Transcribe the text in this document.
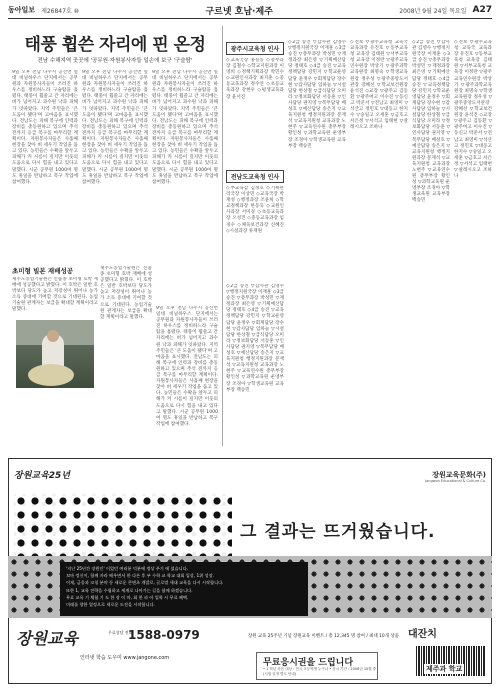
동아일보 제26847호 ⑩	구르넷 호남·제주	2008년 9월 24일 목요일 A27
태풍 휩쓴 자리에 핀 온정
전남 수해지역 곳곳에 '공무원·자원봉사자들 일손에 보구 '구슬땀'
9일 오후 전남 나주시 공산면 일대 비닐하우스 단지에서는 공무원과 자원봉사자들이 쓰러진 하우스를 정비하느라 구슬땀을 흘렸다. 태풍이 휩쓸고 간 자리에는 벼가 넘어지고 과수원 낙과 피해가 잇따랐다. 지역 주민들은 '큰 도움이 됐다'며 고마움을 표시했다. 전남도는 피해 복구에 인력과 장비를 총동원하고 있으며 추석 전까지 응급 복구를 마무리할 계획이다. 자원봉사자들은 사흘째 현장을 찾아 벼 세우기 작업을 돕고 있다. 농민들은 수확을 앞두고 피해가 커 시름이 깊지만 이웃의 도움으로 다시 힘을 내고 있다고 말했다. 시군 공무원 1000여 명도 휴일을 반납하고 복구 작업에 참여했다.
9일 오후 전남 나주시 공산면 일대 비닐하우스 단지에서는 공무원과 자원봉사자들이 쓰러진 하우스를 정비하느라 구슬땀을 흘렸다. 태풍이 휩쓸고 간 자리에는 벼가 넘어지고 과수원 낙과 피해가 잇따랐다. 지역 주민들은 '큰 도움이 됐다'며 고마움을 표시했다. 전남도는 피해 복구에 인력과 장비를 총동원하고 있으며 추석 전까지 응급 복구를 마무리할 계획이다. 자원봉사자들은 사흘째 현장을 찾아 벼 세우기 작업을 돕고 있다. 농민들은 수확을 앞두고 피해가 커 시름이 깊지만 이웃의 도움으로 다시 힘을 내고 있다고 말했다. 시군 공무원 1000여 명도 휴일을 반납하고 복구 작업에 참여했다.
9일 오후 전남 나주시 공산면 일대 비닐하우스 단지에서는 공무원과 자원봉사자들이 쓰러진 하우스를 정비하느라 구슬땀을 흘렸다. 태풍이 휩쓸고 간 자리에는 벼가 넘어지고 과수원 낙과 피해가 잇따랐다. 지역 주민들은 '큰 도움이 됐다'며 고마움을 표시했다. 전남도는 피해 복구에 인력과 장비를 총동원하고 있으며 추석 전까지 응급 복구를 마무리할 계획이다. 자원봉사자들은 사흘째 현장을 찾아 벼 세우기 작업을 돕고 있다. 농민들은 수확을 앞두고 피해가 커 시름이 깊지만 이웃의 도움으로 다시 힘을 내고 있다고 말했다. 시군 공무원 1000여 명도 휴일을 반납하고 복구 작업에 참여했다.
초미형 빌본 재배성공
제주도농업기술원은 신품종 초미형 호박 재배에 성공했다고 밝혔다. 이 호박은 일반 호박보다 당도가 높고 저장성이 뛰어나 농가 소득 증대에 기여할 것으로 기대된다. 농업기술원 관계자는 보급을 확대할 계획이라고 말했다.
제주도농업기술원은 신품종 초미형 호박 재배에 성공했다고 밝혔다. 이 호박은 일반 호박보다 당도가 높고 저장성이 뛰어나 농가 소득 증대에 기여할 것으로 기대된다. 농업기술원 관계자는 보급을 확대할 계획이라고 말했다.
9일 오후 전남 나주시 공산면 일대 비닐하우스 단지에서는 공무원과 자원봉사자들이 쓰러진 하우스를 정비하느라 구슬땀을 흘렸다. 태풍이 휩쓸고 간 자리에는 벼가 넘어지고 과수원 낙과 피해가 잇따랐다. 지역 주민들은 '큰 도움이 됐다'며 고마움을 표시했다. 전남도는 피해 복구에 인력과 장비를 총동원하고 있으며 추석 전까지 응급 복구를 마무리할 계획이다. 자원봉사자들은 사흘째 현장을 찾아 벼 세우기 작업을 돕고 있다. 농민들은 수확을 앞두고 피해가 커 시름이 깊지만 이웃의 도움으로 다시 힘을 내고 있다고 말했다. 시군 공무원 1000여 명도 휴일을 반납하고 복구 작업에 참여했다.
광주시교육청 인사
◇교육국장 홍길동 ◇총무과장 김철수 ◇학교지원과장 이영희 ◇정책기획과장 박민수 ◇교원인사과장 최지훈 ◇중등교육과장 정수연 ◇초등교육과장 강현우 ◇평생교육과장 윤서진
전남도교육청 인사
◇부교육감 김정호 ◇기획관리국장 이상민 ◇교육국장 박재성 ◇행정과장 조윤희 ◇학교정책과장 한동욱 ◇교원인사과장 서미경 ◇초등교육과장 오성진 ◇중등교육과장 임경수 ◇체육보건과장 신혜진 ◇시설과장 류재원
◇2급 승진 ▽감사관 김영수 ▽행정지원국장 이재훈 ◇3급 승진 ▽총무과장 박성민 ▽재정과장 최은영 ▽기획예산담당 정태호 ◇4급 승진 ▽교육정책담당 강민지 ▽학교운영담당 윤정우 ▽회계담당 장수현 ▽감사담당 임하늘 ▽시설담당 한상철 ▽급식담당 오미라 ▽정보화담당 서동훈 ▽인사담당 권지영 ▽복무담당 배성호 ▽예산담당 송은지 ▽교육지원청 행정지원과장 문재석 ▽교육지원청 교육과장 노현주 ▽교육연수원 총무부장 황인성 ▽과학교육원 운영부장 조경아 ▽학생교육원 교육부장 백승민
◇2급 승진 ▽감사관 김영수 ▽행정지원국장 이재훈 ◇3급 승진 ▽총무과장 박성민 ▽재정과장 최은영 ▽기획예산담당 정태호 ◇4급 승진 ▽교육정책담당 강민지 ▽학교운영담당 윤정우 ▽회계담당 장수현 ▽감사담당 임하늘 ▽시설담당 한상철 ▽급식담당 오미라 ▽정보화담당 서동훈 ▽인사담당 권지영 ▽복무담당 배성호 ▽예산담당 송은지 ▽교육지원청 행정지원과장 문재석 ▽교육지원청 교육과장 노현주 ▽교육연수원 총무부장 황인성 ▽과학교육원 운영부장 조경아 ▽학생교육원 교육부장 백승민
◇전보 ▽광주교육청 교육국 교육과장 유진호 ▽동부교육청 교육장 김태원 ▽서부교육청 교육장 이정란 ▽광주교육연수원장 박상기 ▽광주과학교육원장 최명숙 ▽학생교육원장 정우성 ▽광주중앙도서관장 강혜선 ▽학교보건원장 윤석진 ◇교장 ▽광주고 김동환 ▽광주여고 이수진 ▽동신고 박준서 ▽전남고 최영미 ▽석산고 정민호 ▽대동고 한지수 ▽숭일고 오세훈 ▽금호고 서은정 ▽서석고 임태현 ▽살레시오고 조하나
◇2급 승진 ▽감사관 김영수 ▽행정지원국장 이재훈 ◇3급 승진 ▽총무과장 박성민 ▽재정과장 최은영 ▽기획예산담당 정태호 ◇4급 승진 ▽교육정책담당 강민지 ▽학교운영담당 윤정우 ▽회계담당 장수현 ▽감사담당 임하늘 ▽시설담당 한상철 ▽급식담당 오미라 ▽정보화담당 서동훈 ▽인사담당 권지영 ▽복무담당 배성호 ▽예산담당 송은지 ▽교육지원청 행정지원과장 문재석 ▽교육지원청 교육과장 노현주 ▽교육연수원 총무부장 황인성 ▽과학교육원 운영부장 조경아 ▽학생교육원 교육부장 백승민
◇전보 ▽광주교육청 교육국 교육과장 유진호 ▽동부교육청 교육장 김태원 ▽서부교육청 교육장 이정란 ▽광주교육연수원장 박상기 ▽광주과학교육원장 최명숙 ▽학생교육원장 정우성 ▽광주중앙도서관장 강혜선 ▽학교보건원장 윤석진 ◇교장 ▽광주고 김동환 ▽광주여고 이수진 ▽동신고 박준서 ▽전남고 최영미 ▽석산고 정민호 ▽대동고 한지수 ▽숭일고 오세훈 ▽금호고 서은정 ▽서석고 임태현 ▽살레시오고 조하나
장원교육25년	장원교육문화(주)
Jangwon Educational & Culture Co.
그 결과는 뜨거웠습니다.
'지난 25년간 장원인' 이었던 여러분 덕분에 정상 주기 에 섰습니다.
꼬마 정신이, 함께 자라 배우면서 한 다른 후 부 수학 교 학교 대회 입상, 1위 성장.
이제, 금융과 코칭 분야 등 새로운 콘텐츠 개발로, 글로벌 세대 교육을 다시 시작합니다.
또한 1, 교육 전략을 수립하고 세계로 나아가는 길을 함께 하겠습니다.
무료 교육 기 체험 기 도 한 장 이 마, 회 한 파 아 입학 시 무료 혜택.
미래를 향한 열정으로 새로운 도전을 시작합니다.
장원교육	무료상담 전화
1588-0979
인터넷 학습 도우미 www.jangone.com
장원 교육 25주년 기념 장원교육 이벤트 / 총 12,345 명 참여 / 최대 10개 상품 대잔치
무료응시권을 드립니다
• 1 학년 쿠폰 대상 : 전국 초등학생 누구나 • 응시 기간 : 2008년 10월 중 (시험 일정 별도 안내)
제주과 학교
